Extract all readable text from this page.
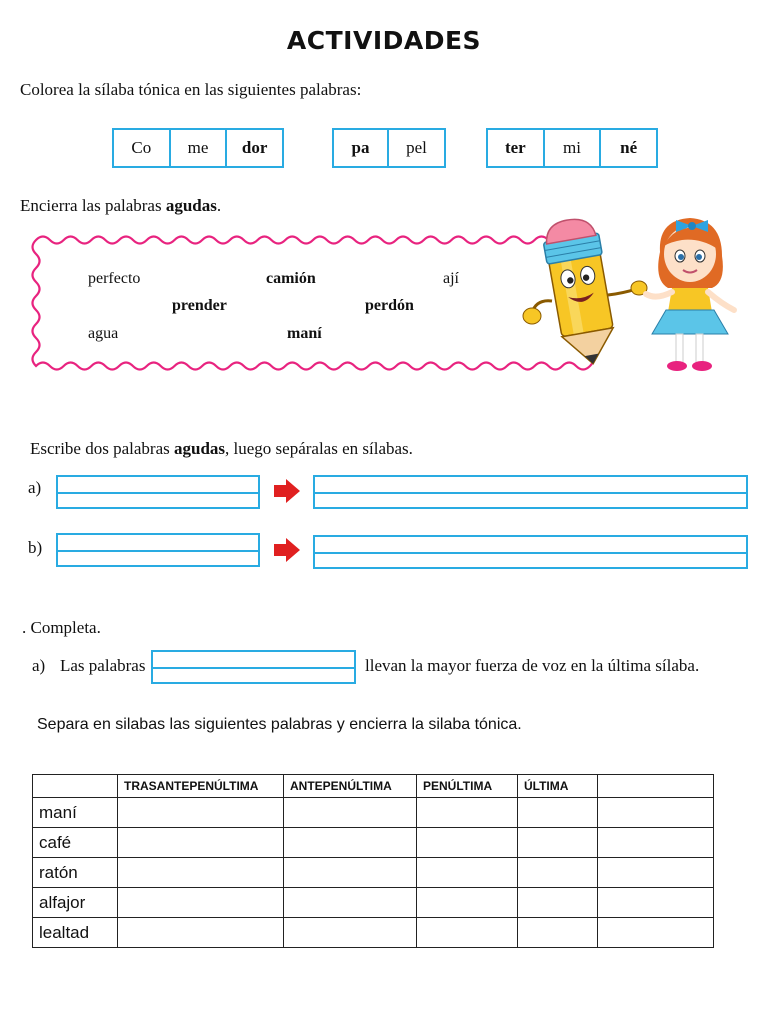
ACTIVIDADES
Colorea la sílaba tónica en las siguientes palabras:
Co	me	dor	pa	pel	ter	mi	né
Encierra las palabras agudas.
perfecto	camión	ají
prender	perdón
agua	maní
Escribe dos palabras agudas, luego sepáralas en sílabas.
a)
b)
. Completa.
a) Las palabras	llevan la mayor fuerza de voz en la última sílaba.
Separa en silabas las siguientes palabras y encierra la silaba tónica.
	TRASANTEPENÚLTIMA	ANTEPENÚLTIMA	PENÚLTIMA	ÚLTIMA	
maní					
café					
ratón					
alfajor					
lealtad					
